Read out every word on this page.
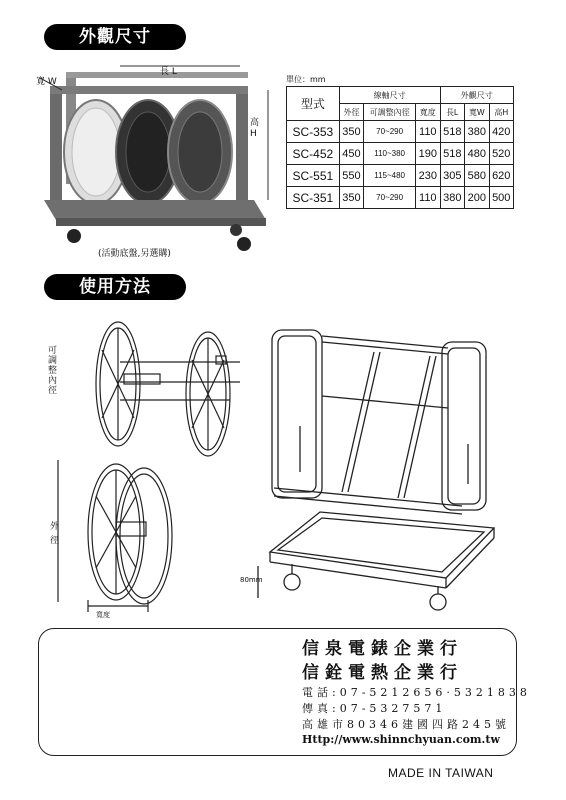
外觀尺寸
寬 W
長 L
高 H
(活動底盤,另選購)
單位：mm
型式	線軸尺寸			外觀尺寸		
	外徑	可調整內徑	寬度	長L	寬W	高H
SC-353	350	70~290	110	518	380	420
SC-452	450	110~380	190	518	480	520
SC-551	550	115~480	230	305	580	620
SC-351	350	70~290	110	380	200	500
使用方法
可調整內徑
外徑
寬度
80mm
信泉電錶企業行
信銓電熱企業行
電話:07-5212656·5321838
傳真:07-5327571
高雄市80346建國四路245號
Http://www.shinnchyuan.com.tw
MADE IN TAIWAN
